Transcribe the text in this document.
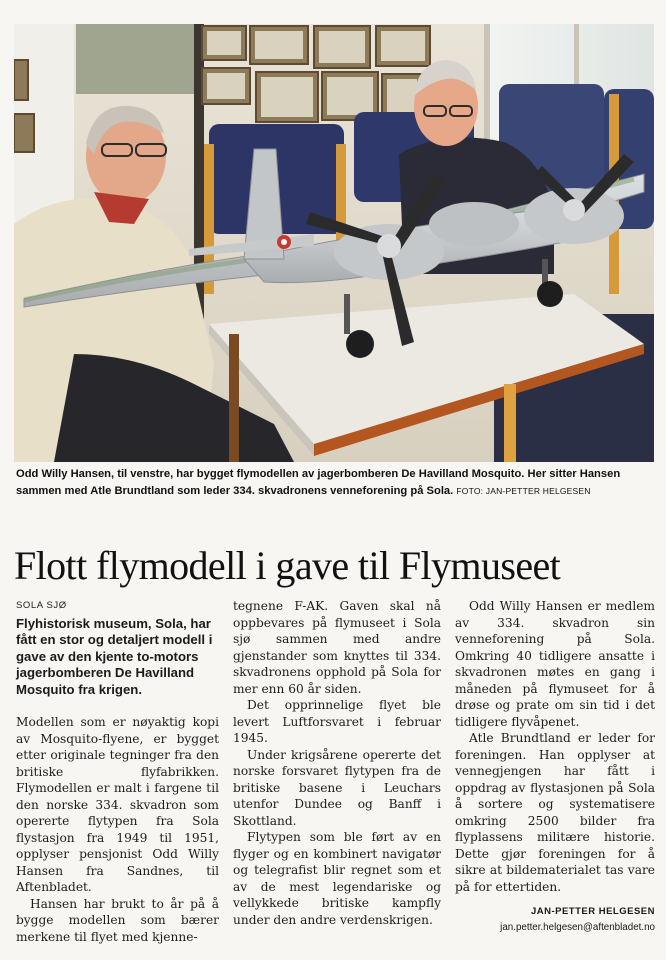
Odd Willy Hansen, til venstre, har bygget flymodellen av jagerbomberen De Havilland Mosquito. Her sitter Hansen sammen med Atle Brundtland som leder 334. skvadronens venneforening på Sola. FOTO: JAN-PETTER HELGESEN
Flott flymodell i gave til Flymuseet
SOLA SJØ
Flyhistorisk museum, Sola, har fått en stor og detaljert modell i gave av den kjente to-motors jagerbomberen De Havilland Mosquito fra krigen.

Modellen som er nøyaktig kopi av Mosquito-flyene, er bygget etter originale tegninger fra den britiske flyfabrikken. Flymodellen er malt i fargene til den norske 334. skvadron som opererte flytypen fra Sola flystasjon fra 1949 til 1951, opplyser pensjonist Odd Willy Hansen fra Sandnes, til Aftenbladet.

Hansen har brukt to år på å bygge modellen som bærer merkene til flyet med kjenne-

tegnene F-AK. Gaven skal nå oppbevares på flymuseet i Sola sjø sammen med andre gjenstander som knyttes til 334. skvadronens opphold på Sola for mer enn 60 år siden.

Det opprinnelige flyet ble levert Luftforsvaret i februar 1945.

Under krigsårene opererte det norske forsvaret flytypen fra de britiske basene i Leuchars utenfor Dundee og Banff i Skottland.

Flytypen som ble ført av en flyger og en kombinert navigatør og telegrafist blir regnet som et av de mest legendariske og vellykkede britiske kampfly under den andre verdenskrigen.

Odd Willy Hansen er medlem av 334. skvadron sin venneforening på Sola. Omkring 40 tidligere ansatte i skvadronen møtes en gang i måneden på flymuseet for å drøse og prate om sin tid i det tidligere flyvåpenet.

Atle Brundtland er leder for foreningen. Han opplyser at vennegjengen har fått i oppdrag av flystasjonen på Sola å sortere og systematisere omkring 2500 bilder fra flyplassens militære historie. Dette gjør foreningen for å sikre at bildematerialet tas vare på for ettertiden.

JAN-PETTER HELGESEN
jan.petter.helgesen@aftenbladet.no
